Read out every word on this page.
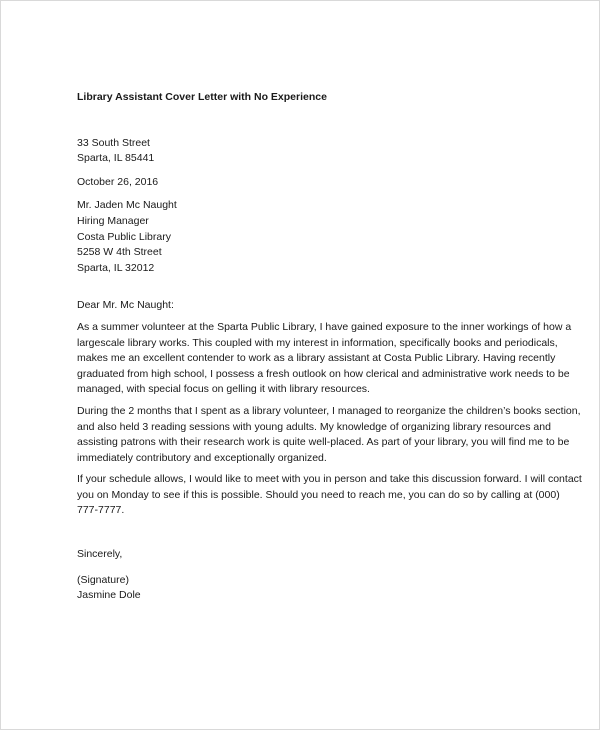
Library Assistant Cover Letter with No Experience
33 South Street
Sparta, IL 85441
October 26, 2016
Mr. Jaden Mc Naught
Hiring Manager
Costa Public Library
5258 W 4th Street
Sparta, IL 32012
Dear Mr. Mc Naught:
As a summer volunteer at the Sparta Public Library, I have gained exposure to the inner workings of how a
largescale library works. This coupled with my interest in information, specifically books and periodicals,
makes me an excellent contender to work as a library assistant at Costa Public Library. Having recently
graduated from high school, I possess a fresh outlook on how clerical and administrative work needs to be
managed, with special focus on gelling it with library resources.
During the 2 months that I spent as a library volunteer, I managed to reorganize the children’s books section,
and also held 3 reading sessions with young adults. My knowledge of organizing library resources and
assisting patrons with their research work is quite well-placed. As part of your library, you will find me to be
immediately contributory and exceptionally organized.
If your schedule allows, I would like to meet with you in person and take this discussion forward. I will contact
you on Monday to see if this is possible. Should you need to reach me, you can do so by calling at (000)
777-7777.
Sincerely,
(Signature)
Jasmine Dole
